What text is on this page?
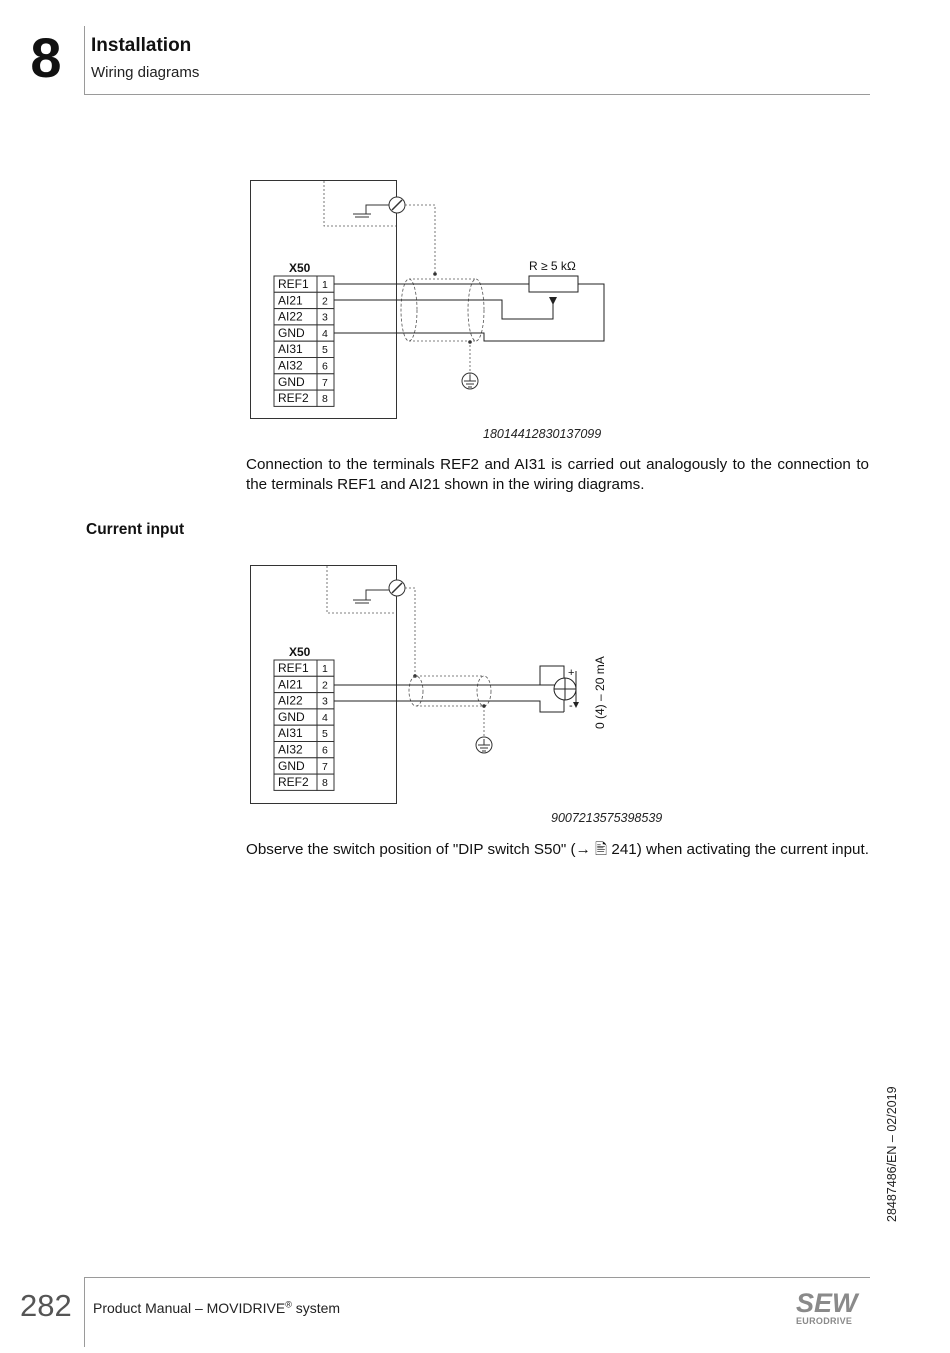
8	Installation
Wiring diagrams
X50
REF1 1
AI21 2
AI22 3
GND 4
AI31 5
AI32 6
GND 7
REF2 8
R ≥ 5 kΩ
18014412830137099

Connection to the terminals REF2 and AI31 is carried out analogously to the connection to the terminals REF1 and AI21 shown in the wiring diagrams.

Current input
X50
REF1 1
AI21 2
AI22 3
GND 4
AI31 5
AI32 6
GND 7
REF2 8
+
- 0 (4) – 20 mA
9007213575398539

Observe the switch position of "DIP switch S50" (→ 🖹 241) when activating the current input.

28487486/EN – 02/2019
282 Product Manual – MOVIDRIVE® system	SEW
EURODRIVE
